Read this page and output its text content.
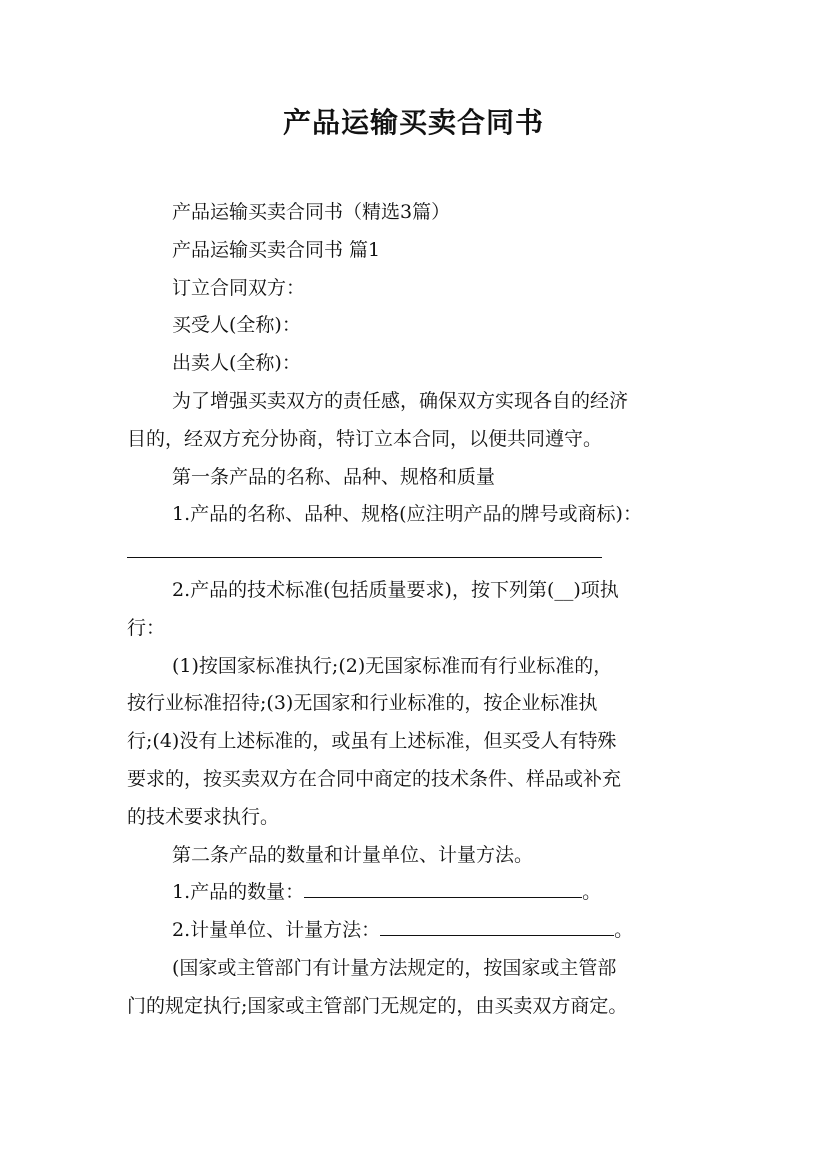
产品运输买卖合同书
产品运输买卖合同书（精选3篇）
产品运输买卖合同书 篇1
订立合同双方：
买受人(全称)：
出卖人(全称)：
为了增强买卖双方的责任感，确保双方实现各自的经济
目的，经双方充分协商，特订立本合同，以便共同遵守。
第一条产品的名称、品种、规格和质量
1.产品的名称、品种、规格(应注明产品的牌号或商标)：
2.产品的技术标准(包括质量要求)，按下列第(__)项执
行：
(1)按国家标准执行;(2)无国家标准而有行业标准的，
按行业标准招待;(3)无国家和行业标准的，按企业标准执
行;(4)没有上述标准的，或虽有上述标准，但买受人有特殊
要求的，按买卖双方在合同中商定的技术条件、样品或补充
的技术要求执行。
第二条产品的数量和计量单位、计量方法。
1.产品的数量：	。
2.计量单位、计量方法：	。
(国家或主管部门有计量方法规定的，按国家或主管部
门的规定执行;国家或主管部门无规定的，由买卖双方商定。
